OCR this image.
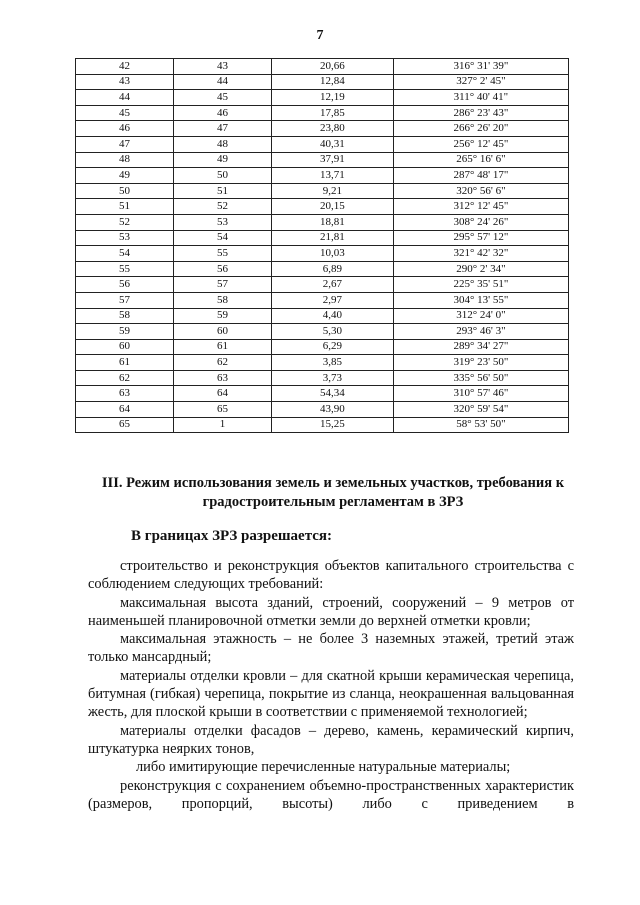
7
42	43	20,66	316° 31' 39"
43	44	12,84	327° 2' 45"
44	45	12,19	311° 40' 41"
45	46	17,85	286° 23' 43"
46	47	23,80	266° 26' 20"
47	48	40,31	256° 12' 45"
48	49	37,91	265° 16' 6"
49	50	13,71	287° 48' 17"
50	51	9,21	320° 56' 6"
51	52	20,15	312° 12' 45"
52	53	18,81	308° 24' 26"
53	54	21,81	295° 57' 12"
54	55	10,03	321° 42' 32"
55	56	6,89	290° 2' 34"
56	57	2,67	225° 35' 51"
57	58	2,97	304° 13' 55"
58	59	4,40	312° 24' 0"
59	60	5,30	293° 46' 3"
60	61	6,29	289° 34' 27"
61	62	3,85	319° 23' 50"
62	63	3,73	335° 56' 50"
63	64	54,34	310° 57' 46"
64	65	43,90	320° 59' 54"
65	1	15,25	58° 53' 50"
III. Режим использования земель и земельных участков, требования к градостроительным регламентам в ЗРЗ
В границах ЗРЗ разрешается:

строительство и реконструкция объектов капитального строительства с соблюдением следующих требований:

максимальная высота зданий, строений, сооружений – 9 метров от наименьшей планировочной отметки земли до верхней отметки кровли;

максимальная этажность – не более 3 наземных этажей, третий этаж только мансардный;

материалы отделки кровли – для скатной крыши керамическая черепица, битумная (гибкая) черепица, покрытие из сланца, неокрашенная вальцованная жесть, для плоской крыши в соответствии с применяемой технологией;

материалы отделки фасадов – дерево, камень, керамический кирпич, штукатурка неярких тонов,

либо имитирующие перечисленные натуральные материалы;

реконструкция с сохранением объемно-пространственных характеристик (размеров, пропорций, высоты) либо с приведением в
